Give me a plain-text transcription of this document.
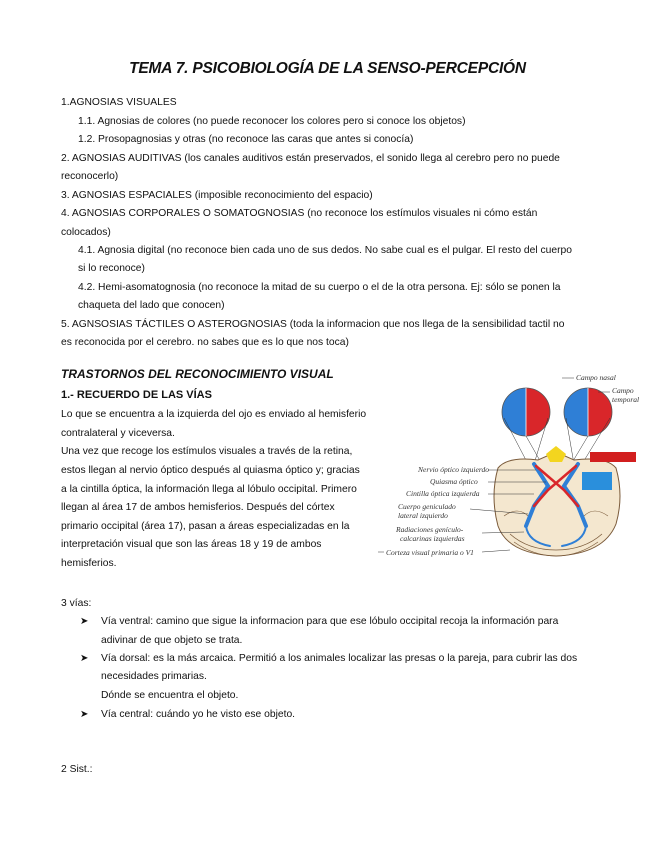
TEMA 7. PSICOBIOLOGÍA DE LA SENSO-PERCEPCIÓN
1.AGNOSIAS VISUALES
1.1. Agnosias de colores (no puede reconocer los colores pero si conoce los objetos)
1.2. Prosopagnosias y otras (no reconoce las caras que antes si conocía)
2. AGNOSIAS AUDITIVAS (los canales auditivos están preservados, el sonido llega al cerebro pero no puede
reconocerlo)
3. AGNOSIAS ESPACIALES (imposible reconocimiento del espacio)
4. AGNOSIAS CORPORALES O SOMATOGNOSIAS (no reconoce los estímulos visuales ni cómo están
colocados)
4.1. Agnosia digital (no reconoce bien cada uno de sus dedos. No sabe cual es el pulgar. El resto del cuerpo
si lo reconoce)
4.2. Hemi-asomatognosia (no reconoce la mitad de su cuerpo o el de la otra persona. Ej: sólo se ponen la
chaqueta del lado que conocen)
5. AGNSOSIAS TÁCTILES O ASTEROGNOSIAS (toda la informacion que nos llega de la sensibilidad tactil no
es reconocida por el cerebro. no sabes que es lo que nos toca)
TRASTORNOS DEL RECONOCIMIENTO VISUAL
1.- RECUERDO DE LAS VÍAS
Lo que se encuentra a la izquierda del ojo es enviado al hemisferio
contralateral y viceversa.
Una vez que recoge los estímulos visuales a través de la retina,
estos llegan al nervio óptico después al quiasma óptico y; gracias
a la cintilla óptica, la información llega al lóbulo occipital. Primero
llegan al área 17 de ambos hemisferios. Después del córtex
primario occipital (área 17), pasan a áreas especializadas en la
interpretación visual que son las áreas 18 y 19 de ambos
hemisferios.
Campo nasal
Campo
temporal
Nervio óptico izquierdo
Quiasma óptico
Cintilla óptica izquierda
Cuerpo geniculado
lateral izquierdo
Radiaciones genículo-
calcarinas izquierdas
Corteza visual primaria o V1
3 vías:
➤ Vía ventral: camino que sigue la informacion para que ese lóbulo occipital recoja la información para
adivinar de que objeto se trata.
➤ Vía dorsal: es la más arcaica. Permitió a los animales localizar las presas o la pareja, para cubrir las dos
necesidades primarias.
Dónde se encuentra el objeto.
➤ Vía central: cuándo yo he visto ese objeto.
2 Sist.:
